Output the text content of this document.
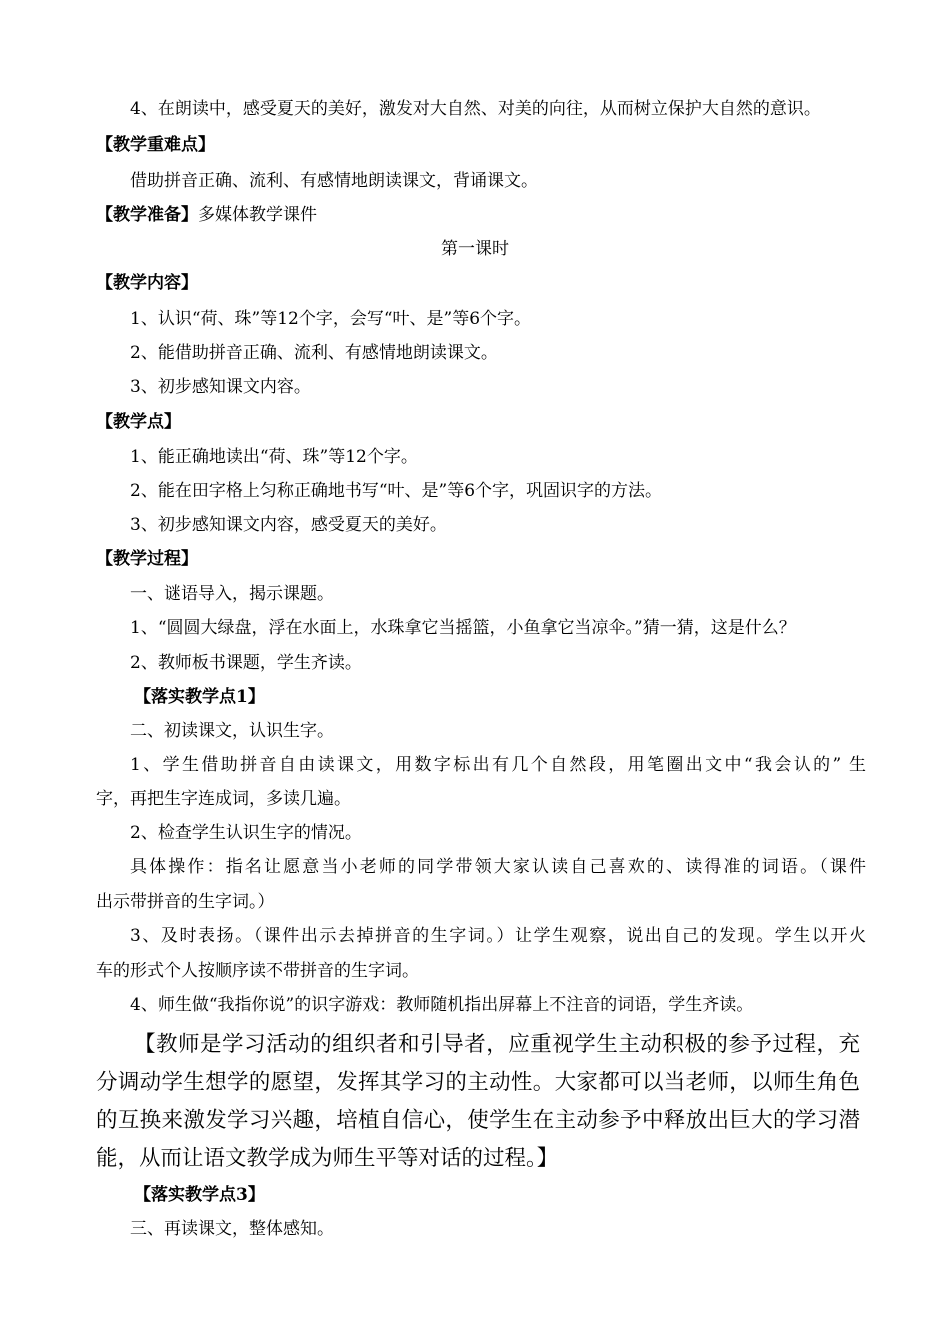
4、在朗读中，感受夏天的美好，激发对大自然、对美的向往，从而树立保护大自然的意识。
【教学重难点】
借助拼音正确、流利、有感情地朗读课文，背诵课文。
【教学准备】多媒体教学课件
第一课时
【教学内容】
1、认识“荷、珠”等12个字，会写“叶、是”等6个字。
2、能借助拼音正确、流利、有感情地朗读课文。
3、初步感知课文内容。
【教学点】
1、能正确地读出“荷、珠”等12个字。
2、能在田字格上匀称正确地书写“叶、是”等6个字，巩固识字的方法。
3、初步感知课文内容，感受夏天的美好。
【教学过程】
一、谜语导入，揭示课题。
1、“圆圆大绿盘，浮在水面上，水珠拿它当摇篮，小鱼拿它当凉伞。”猜一猜，这是什么？
2、教师板书课题，学生齐读。
【落实教学点1】
二、初读课文，认识生字。
1、学生借助拼音自由读课文，用数字标出有几个自然段，用笔圈出文中“我会认的” 生
字，再把生字连成词，多读几遍。
2、检查学生认识生字的情况。
具体操作：指名让愿意当小老师的同学带领大家认读自己喜欢的、读得准的词语。（课件
出示带拼音的生字词。）
3、及时表扬。（课件出示去掉拼音的生字词。）让学生观察，说出自己的发现。学生以开火
车的形式个人按顺序读不带拼音的生字词。
4、师生做“我指你说”的识字游戏：教师随机指出屏幕上不注音的词语，学生齐读。
【教师是学习活动的组织者和引导者，应重视学生主动积极的参予过程，充
分调动学生想学的愿望，发挥其学习的主动性。大家都可以当老师，以师生角色
的互换来激发学习兴趣，培植自信心，使学生在主动参予中释放出巨大的学习潜
能，从而让语文教学成为师生平等对话的过程。】
【落实教学点3】
三、再读课文，整体感知。
